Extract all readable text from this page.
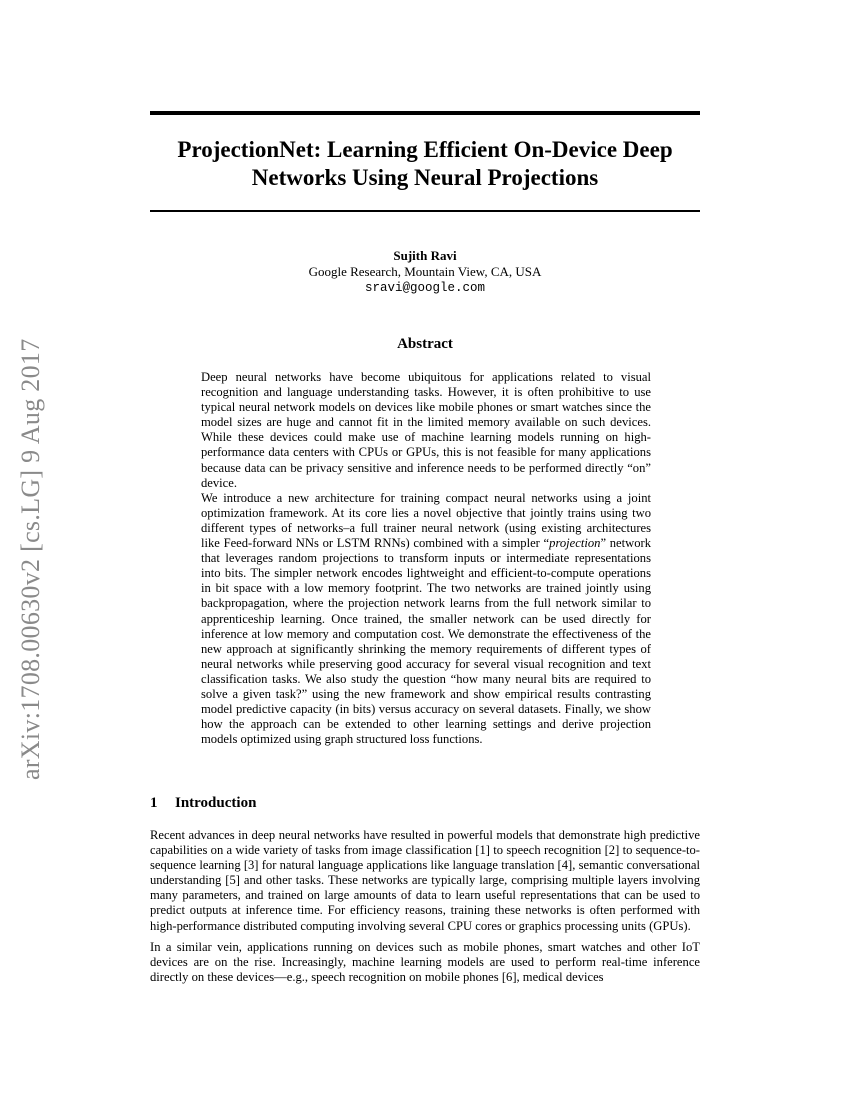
arXiv:1708.00630v2 [cs.LG] 9 Aug 2017
ProjectionNet: Learning Efficient On-Device Deep Networks Using Neural Projections
Sujith Ravi
Google Research, Mountain View, CA, USA
sravi@google.com
Abstract

Deep neural networks have become ubiquitous for applications related to visual recognition and language understanding tasks. However, it is often prohibitive to use typical neural network models on devices like mobile phones or smart watches since the model sizes are huge and cannot fit in the limited memory available on such devices. While these devices could make use of machine learning models running on high-performance data centers with CPUs or GPUs, this is not feasible for many applications because data can be privacy sensitive and inference needs to be performed directly “on” device.

We introduce a new architecture for training compact neural networks using a joint optimization framework. At its core lies a novel objective that jointly trains using two different types of networks–a full trainer neural network (using existing architectures like Feed-forward NNs or LSTM RNNs) combined with a simpler “projection” network that leverages random projections to transform inputs or intermediate representations into bits. The simpler network encodes lightweight and efficient-to-compute operations in bit space with a low memory footprint. The two networks are trained jointly using backpropagation, where the projection network learns from the full network similar to apprenticeship learning. Once trained, the smaller network can be used directly for inference at low memory and computation cost. We demonstrate the effectiveness of the new approach at significantly shrinking the memory requirements of different types of neural networks while preserving good accuracy for several visual recognition and text classification tasks. We also study the question “how many neural bits are required to solve a given task?” using the new framework and show empirical results contrasting model predictive capacity (in bits) versus accuracy on several datasets. Finally, we show how the approach can be extended to other learning settings and derive projection models optimized using graph structured loss functions.

1 Introduction

Recent advances in deep neural networks have resulted in powerful models that demonstrate high predictive capabilities on a wide variety of tasks from image classification [1] to speech recognition [2] to sequence-to-sequence learning [3] for natural language applications like language translation [4], semantic conversational understanding [5] and other tasks. These networks are typically large, comprising multiple layers involving many parameters, and trained on large amounts of data to learn useful representations that can be used to predict outputs at inference time. For efficiency reasons, training these networks is often performed with high-performance distributed computing involving several CPU cores or graphics processing units (GPUs).

In a similar vein, applications running on devices such as mobile phones, smart watches and other IoT devices are on the rise. Increasingly, machine learning models are used to perform real-time inference directly on these devices—e.g., speech recognition on mobile phones [6], medical devices
